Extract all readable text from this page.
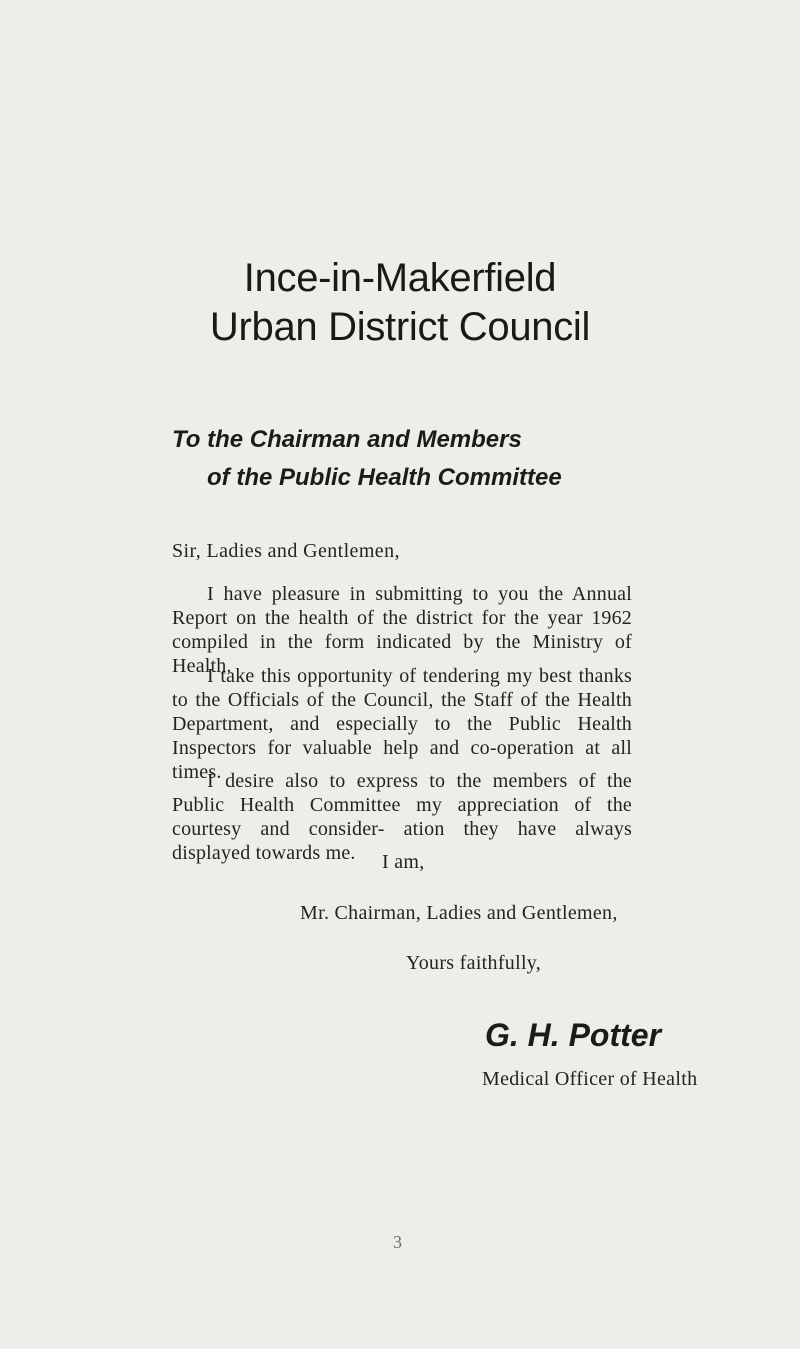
Ince-in-Makerfield
Urban District Council
To the Chairman and Members
of the Public Health Committee
Sir, Ladies and Gentlemen,
I have pleasure in submitting to you the Annual Report on the health of the district for the year 1962 compiled in the form indicated by the Ministry of Health.
I take this opportunity of tendering my best thanks to the Officials of the Council, the Staff of the Health Department, and especially to the Public Health Inspectors for valuable help and co-operation at all times.
I desire also to express to the members of the Public Health Committee my appreciation of the courtesy and consider- ation they have always displayed towards me.	I am,
Mr. Chairman, Ladies and Gentlemen,
Yours faithfully,
G. H. Potter
Medical Officer of Health
3
